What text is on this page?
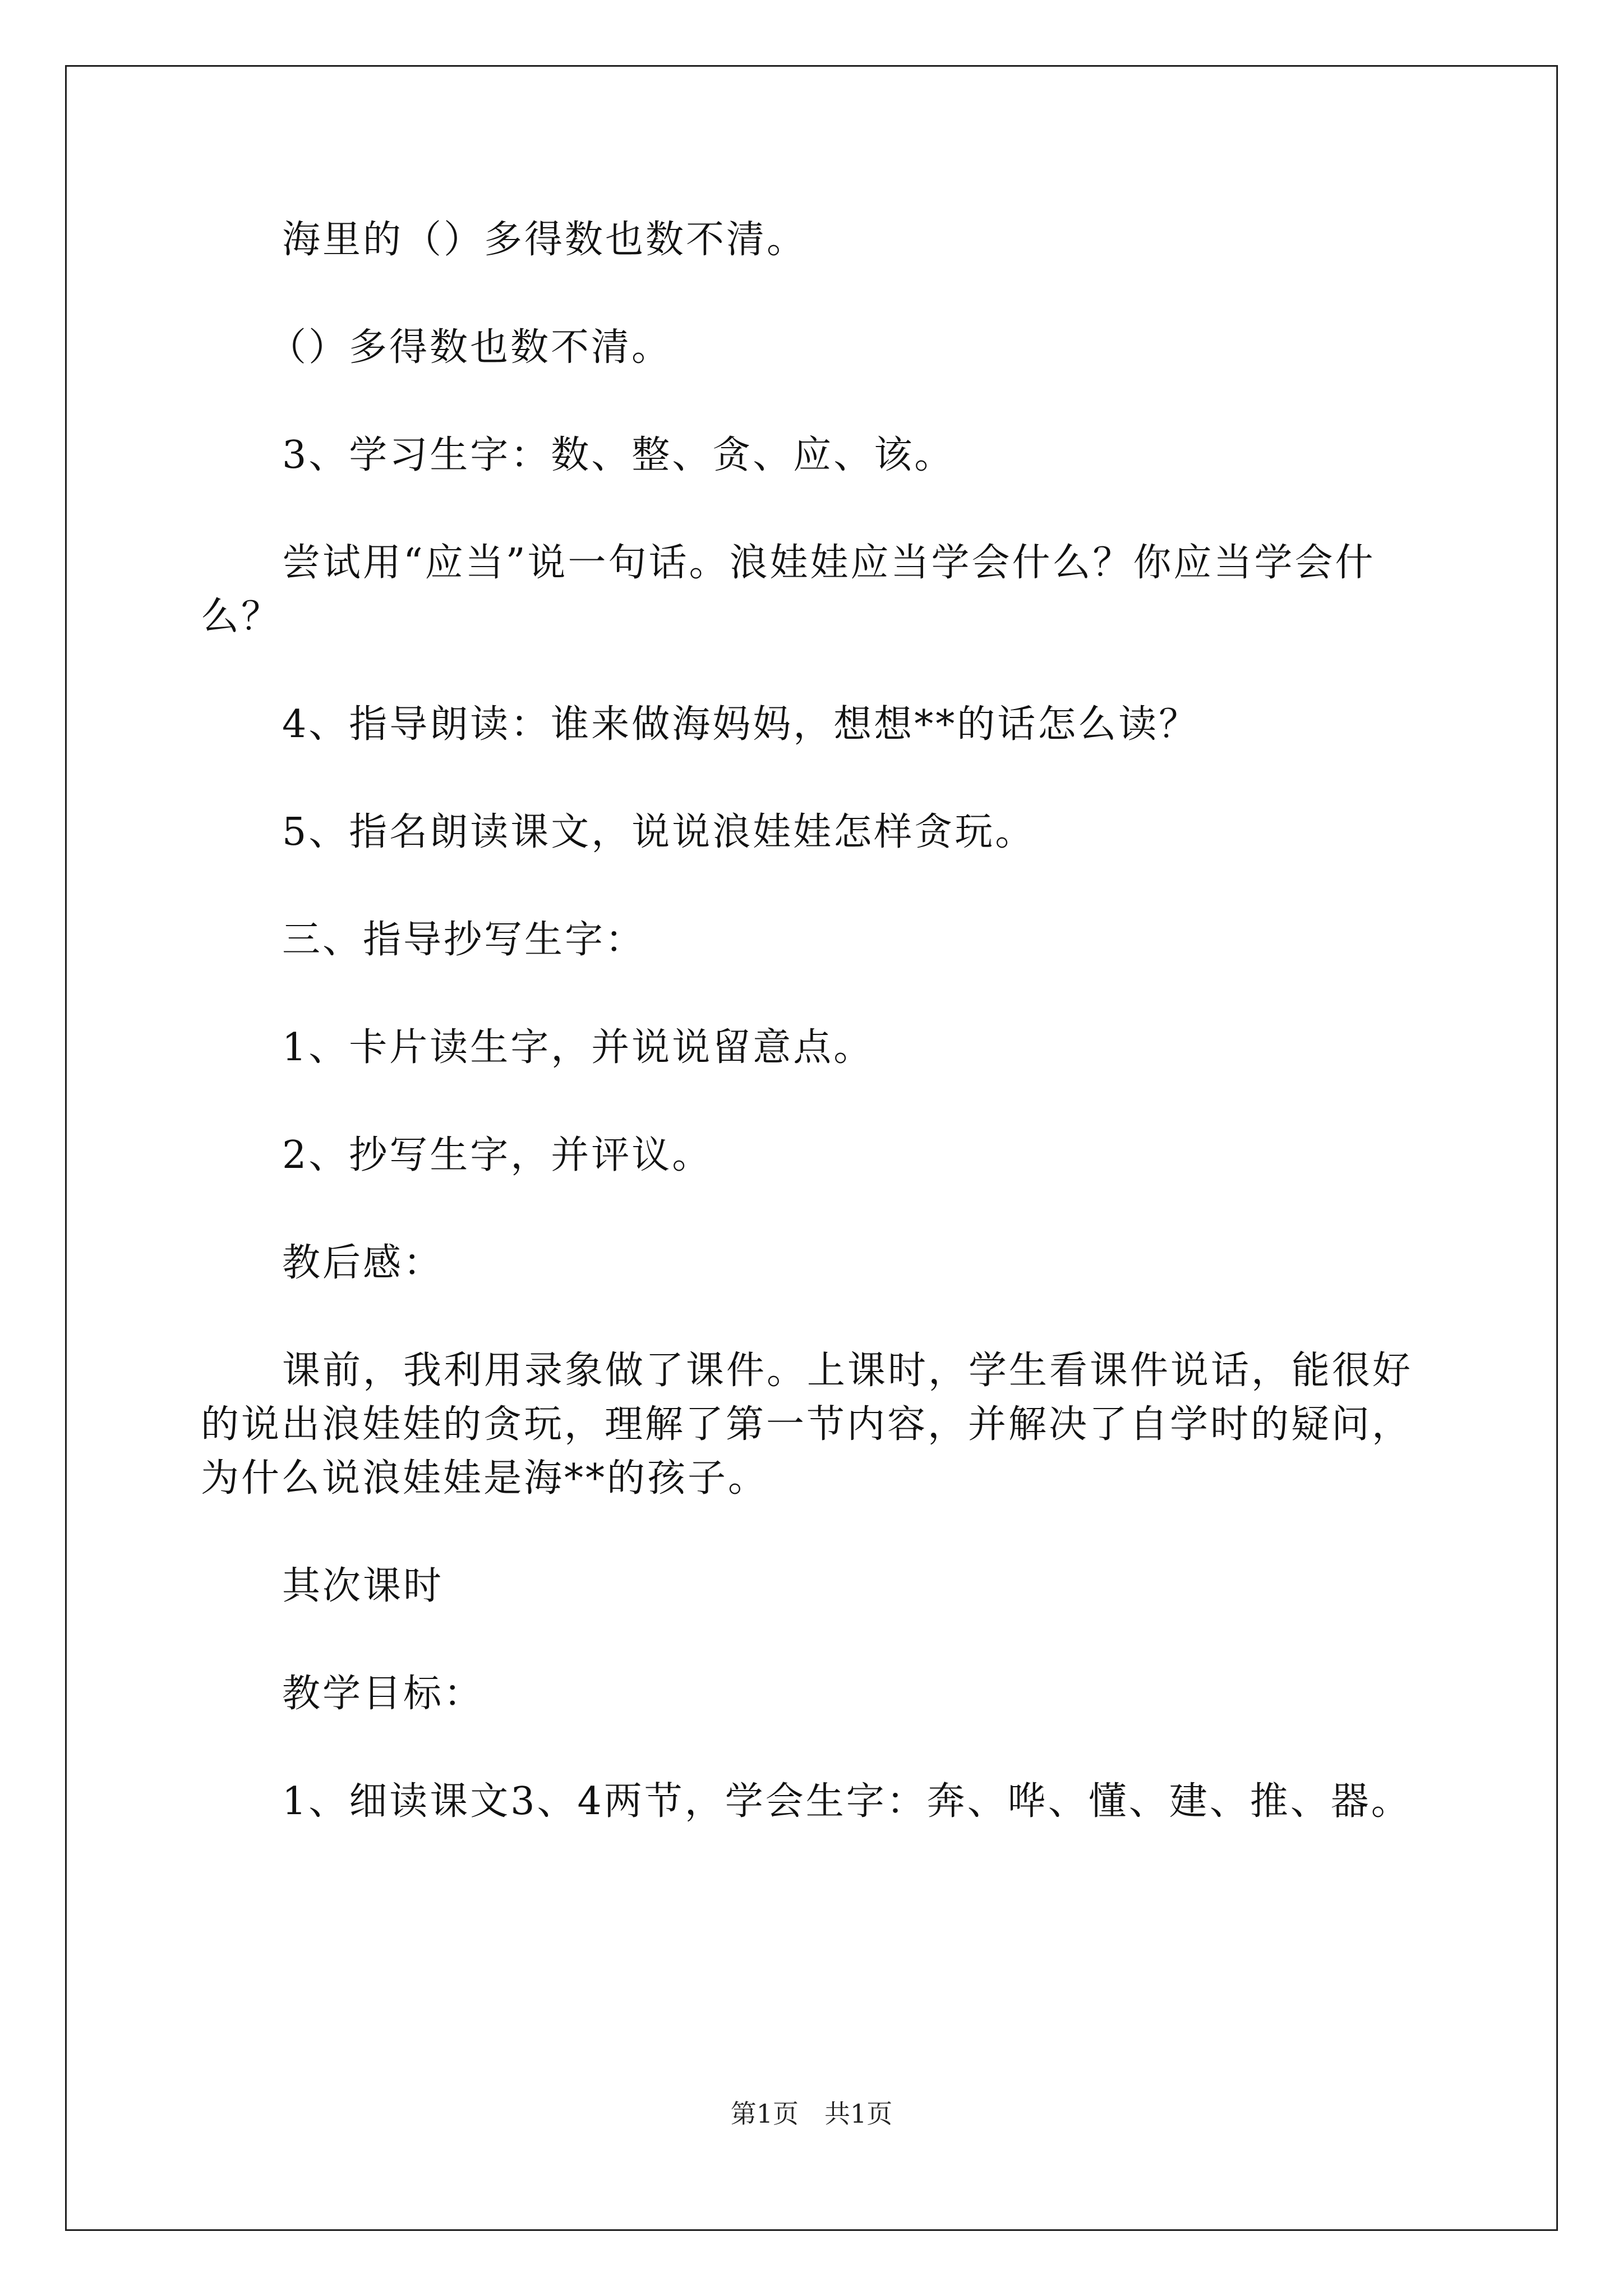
海里的（）多得数也数不清。

（）多得数也数不清。

3、学习生字：数、整、贪、应、该。

尝试用“应当”说一句话。浪娃娃应当学会什么？你应当学会什么？

4、指导朗读：谁来做海妈妈，想想**的话怎么读？

5、指名朗读课文，说说浪娃娃怎样贪玩。

三、指导抄写生字：

1、卡片读生字，并说说留意点。

2、抄写生字，并评议。

教后感：

课前，我利用录象做了课件。上课时，学生看课件说话，能很好的说出浪娃娃的贪玩，理解了第一节内容，并解决了自学时的疑问，为什么说浪娃娃是海**的孩子。

其次课时

教学目标：

1、细读课文3、4两节，学会生字：奔、哗、懂、建、推、器。

第1页　共1页
